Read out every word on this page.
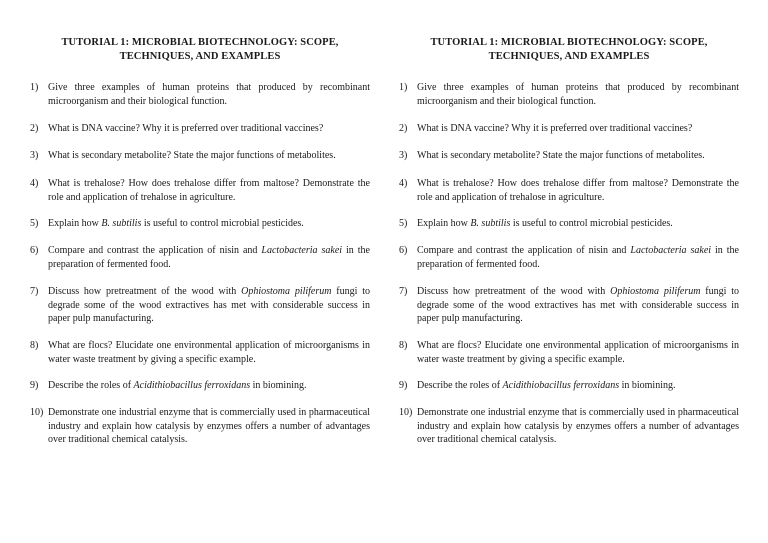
TUTORIAL 1: MICROBIAL BIOTECHNOLOGY: SCOPE,
TECHNIQUES, AND EXAMPLES
1) Give three examples of human proteins that produced by recombinant microorganism and their biological function.
2) What is DNA vaccine? Why it is preferred over traditional vaccines?
3) What is secondary metabolite? State the major functions of metabolites.
4) What is trehalose? How does trehalose differ from maltose? Demonstrate the role and application of trehalose in agriculture.
5) Explain how B. subtilis is useful to control microbial pesticides.
6) Compare and contrast the application of nisin and Lactobacteria sakei in the preparation of fermented food.
7) Discuss how pretreatment of the wood with Ophiostoma piliferum fungi to degrade some of the wood extractives has met with considerable success in paper pulp manufacturing.
8) What are flocs? Elucidate one environmental application of microorganisms in water waste treatment by giving a specific example.
9) Describe the roles of Acidithiobacillus ferroxidans in biomining.
10) Demonstrate one industrial enzyme that is commercially used in pharmaceutical industry and explain how catalysis by enzymes offers a number of advantages over traditional chemical catalysis.
TUTORIAL 1: MICROBIAL BIOTECHNOLOGY: SCOPE,
TECHNIQUES, AND EXAMPLES
1) Give three examples of human proteins that produced by recombinant microorganism and their biological function.
2) What is DNA vaccine? Why it is preferred over traditional vaccines?
3) What is secondary metabolite? State the major functions of metabolites.
4) What is trehalose? How does trehalose differ from maltose? Demonstrate the role and application of trehalose in agriculture.
5) Explain how B. subtilis is useful to control microbial pesticides.
6) Compare and contrast the application of nisin and Lactobacteria sakei in the preparation of fermented food.
7) Discuss how pretreatment of the wood with Ophiostoma piliferum fungi to degrade some of the wood extractives has met with considerable success in paper pulp manufacturing.
8) What are flocs? Elucidate one environmental application of microorganisms in water waste treatment by giving a specific example.
9) Describe the roles of Acidithiobacillus ferroxidans in biomining.
10) Demonstrate one industrial enzyme that is commercially used in pharmaceutical industry and explain how catalysis by enzymes offers a number of advantages over traditional chemical catalysis.
